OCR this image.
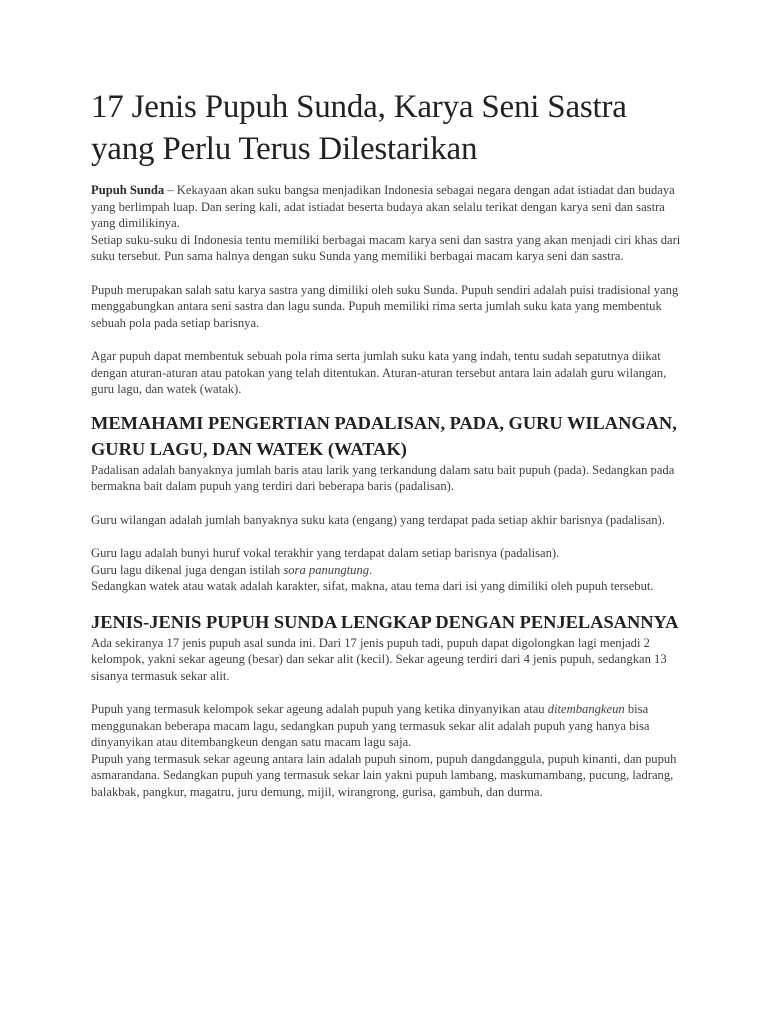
17 Jenis Pupuh Sunda, Karya Seni Sastra yang Perlu Terus Dilestarikan

Pupuh Sunda – Kekayaan akan suku bangsa menjadikan Indonesia sebagai negara dengan adat istiadat dan budaya yang berlimpah luap. Dan sering kali, adat istiadat beserta budaya akan selalu terikat dengan karya seni dan sastra yang dimilikinya.

Setiap suku-suku di Indonesia tentu memiliki berbagai macam karya seni dan sastra yang akan menjadi ciri khas dari suku tersebut. Pun sama halnya dengan suku Sunda yang memiliki berbagai macam karya seni dan sastra.

Pupuh merupakan salah satu karya sastra yang dimiliki oleh suku Sunda. Pupuh sendiri adalah puisi tradisional yang menggabungkan antara seni sastra dan lagu sunda. Pupuh memiliki rima serta jumlah suku kata yang membentuk sebuah pola pada setiap barisnya.

Agar pupuh dapat membentuk sebuah pola rima serta jumlah suku kata yang indah, tentu sudah sepatutnya diikat dengan aturan-aturan atau patokan yang telah ditentukan. Aturan-aturan tersebut antara lain adalah guru wilangan, guru lagu, dan watek (watak).

MEMAHAMI PENGERTIAN PADALISAN, PADA, GURU WILANGAN, GURU LAGU, DAN WATEK (WATAK)

Padalisan adalah banyaknya jumlah baris atau larik yang terkandung dalam satu bait pupuh (pada). Sedangkan pada bermakna bait dalam pupuh yang terdiri dari beberapa baris (padalisan).

Guru wilangan adalah jumlah banyaknya suku kata (engang) yang terdapat pada setiap akhir barisnya (padalisan).

Guru lagu adalah bunyi huruf vokal terakhir yang terdapat dalam setiap barisnya (padalisan).

Guru lagu dikenal juga dengan istilah sora panungtung.

Sedangkan watek atau watak adalah karakter, sifat, makna, atau tema dari isi yang dimiliki oleh pupuh tersebut.

JENIS-JENIS PUPUH SUNDA LENGKAP DENGAN PENJELASANNYA

Ada sekiranya 17 jenis pupuh asal sunda ini. Dari 17 jenis pupuh tadi, pupuh dapat digolongkan lagi menjadi 2 kelompok, yakni sekar ageung (besar) dan sekar alit (kecil). Sekar ageung terdiri dari 4 jenis pupuh, sedangkan 13 sisanya termasuk sekar alit.

Pupuh yang termasuk kelompok sekar ageung adalah pupuh yang ketika dinyanyikan atau ditembangkeun bisa menggunakan beberapa macam lagu, sedangkan pupuh yang termasuk sekar alit adalah pupuh yang hanya bisa dinyanyikan atau ditembangkeun dengan satu macam lagu saja.

Pupuh yang termasuk sekar ageung antara lain adalah pupuh sinom, pupuh dangdanggula, pupuh kinanti, dan pupuh asmarandana. Sedangkan pupuh yang termasuk sekar lain yakni pupuh lambang, maskumambang, pucung, ladrang, balakbak, pangkur, magatru, juru demung, mijil, wirangrong, gurisa, gambuh, dan durma.
